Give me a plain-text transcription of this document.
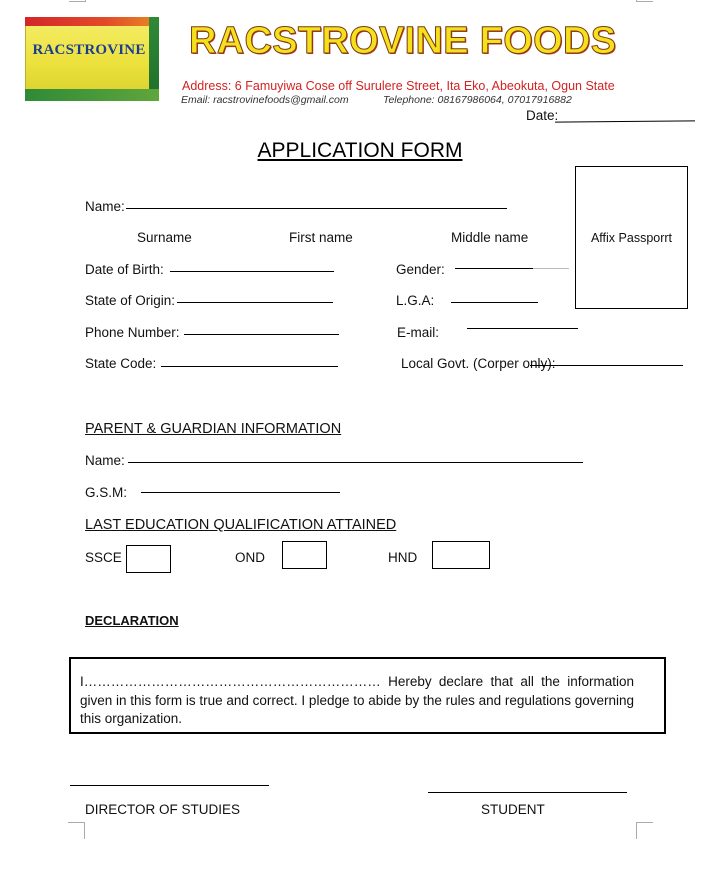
RACSTROVINE RACSTROVINE FOODS
Address: 6 Famuyiwa Cose off Surulere Street, Ita Eko, Abeokuta, Ogun State
Email: racstrovinefoods@gmail.com	Telephone: 08167986064, 07017916882
Date:
APPLICATION FORM
Affix Passporrt
Name:
Surname	First name	Middle name
Date of Birth:	Gender:
State of Origin:	L.G.A:
Phone Number:	E-mail:
State Code:	Local Govt. (Corper only):
PARENT & GUARDIAN INFORMATION
Name:
G.S.M:
LAST EDUCATION QUALIFICATION ATTAINED
SSCE	OND	HND
DECLARATION
I………………………………………………………… Hereby declare that all the information given in this form is true and correct. I pledge to abide by the rules and regulations governing this organization.
DIRECTOR OF STUDIES	STUDENT
